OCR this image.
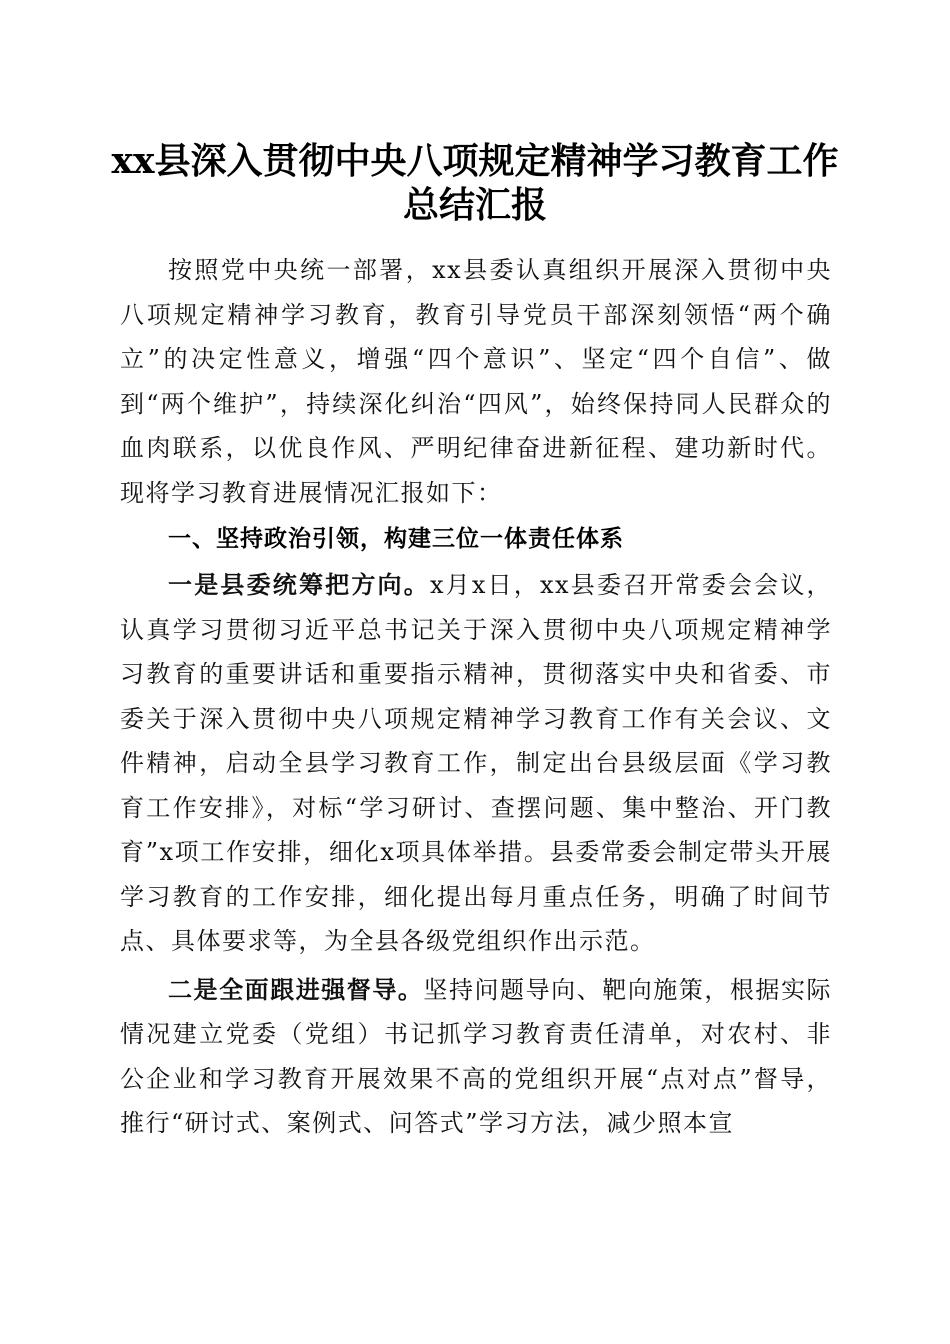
xx县深入贯彻中央八项规定精神学习教育工作总结汇报

按照党中央统一部署，xx县委认真组织开展深入贯彻中央八项规定精神学习教育，教育引导党员干部深刻领悟“两个确立”的决定性意义，增强“四个意识”、坚定“四个自信”、做到“两个维护”，持续深化纠治“四风”，始终保持同人民群众的血肉联系，以优良作风、严明纪律奋进新征程、建功新时代。现将学习教育进展情况汇报如下：

一、坚持政治引领，构建三位一体责任体系

一是县委统筹把方向。x月x日，xx县委召开常委会会议，认真学习贯彻习近平总书记关于深入贯彻中央八项规定精神学习教育的重要讲话和重要指示精神，贯彻落实中央和省委、市委关于深入贯彻中央八项规定精神学习教育工作有关会议、文件精神，启动全县学习教育工作，制定出台县级层面《学习教育工作安排》，对标“学习研讨、查摆问题、集中整治、开门教育”x项工作安排，细化x项具体举措。县委常委会制定带头开展学习教育的工作安排，细化提出每月重点任务，明确了时间节点、具体要求等，为全县各级党组织作出示范。

二是全面跟进强督导。坚持问题导向、靶向施策，根据实际情况建立党委（党组）书记抓学习教育责任清单，对农村、非公企业和学习教育开展效果不高的党组织开展“点对点”督导，推行“研讨式、案例式、问答式”学习方法，减少照本宣
